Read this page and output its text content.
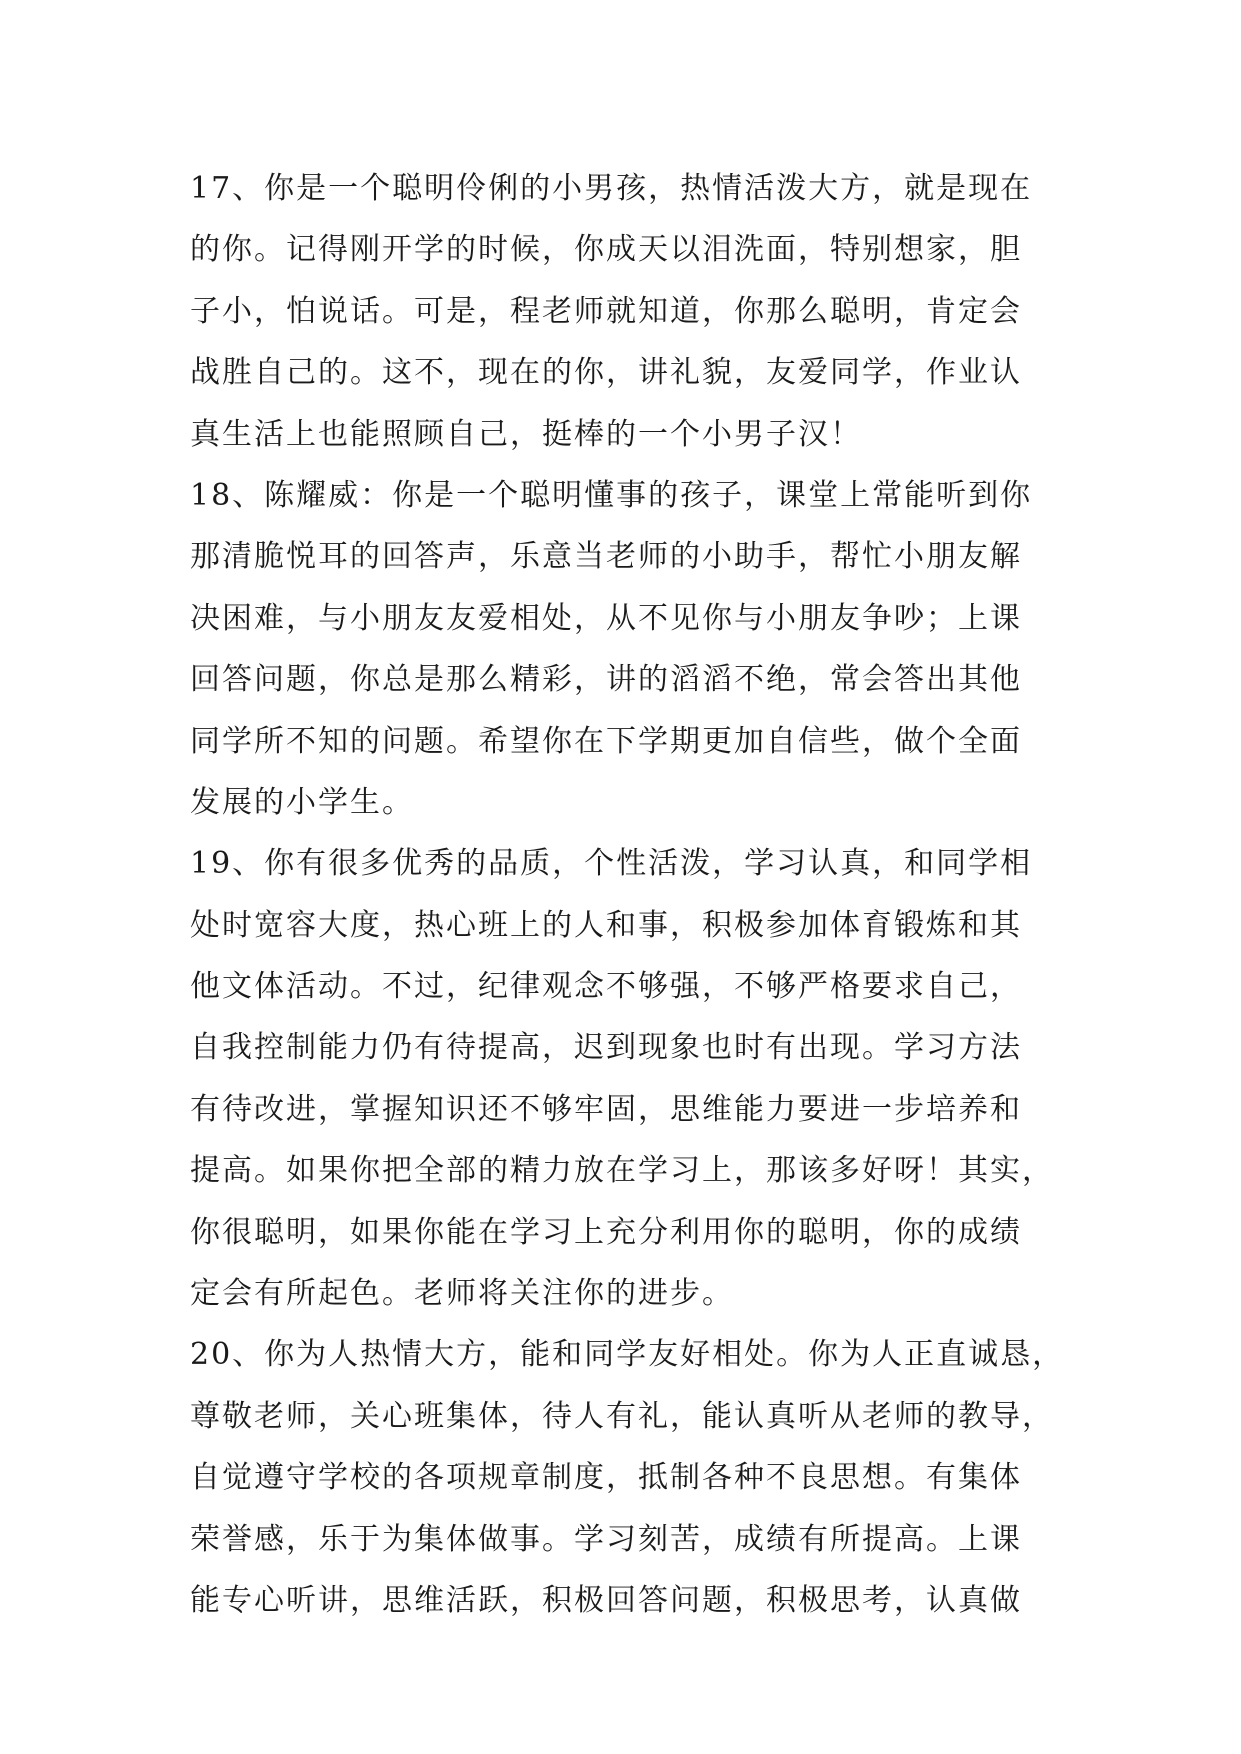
17、你是一个聪明伶俐的小男孩，热情活泼大方，就是现在
的你。记得刚开学的时候，你成天以泪洗面，特别想家，胆
子小，怕说话。可是，程老师就知道，你那么聪明，肯定会
战胜自己的。这不，现在的你，讲礼貌，友爱同学，作业认
真生活上也能照顾自己，挺棒的一个小男子汉！
18、陈耀威：你是一个聪明懂事的孩子，课堂上常能听到你
那清脆悦耳的回答声，乐意当老师的小助手，帮忙小朋友解
决困难，与小朋友友爱相处，从不见你与小朋友争吵；上课
回答问题，你总是那么精彩，讲的滔滔不绝，常会答出其他
同学所不知的问题。希望你在下学期更加自信些，做个全面
发展的小学生。
19、你有很多优秀的品质，个性活泼，学习认真，和同学相
处时宽容大度，热心班上的人和事，积极参加体育锻炼和其
他文体活动。不过，纪律观念不够强，不够严格要求自己，
自我控制能力仍有待提高，迟到现象也时有出现。学习方法
有待改进，掌握知识还不够牢固，思维能力要进一步培养和
提高。如果你把全部的精力放在学习上，那该多好呀！其实，
你很聪明，如果你能在学习上充分利用你的聪明，你的成绩
定会有所起色。老师将关注你的进步。
20、你为人热情大方，能和同学友好相处。你为人正直诚恳，
尊敬老师，关心班集体，待人有礼，能认真听从老师的教导，
自觉遵守学校的各项规章制度，抵制各种不良思想。有集体
荣誉感，乐于为集体做事。学习刻苦，成绩有所提高。上课
能专心听讲，思维活跃，积极回答问题，积极思考，认真做
